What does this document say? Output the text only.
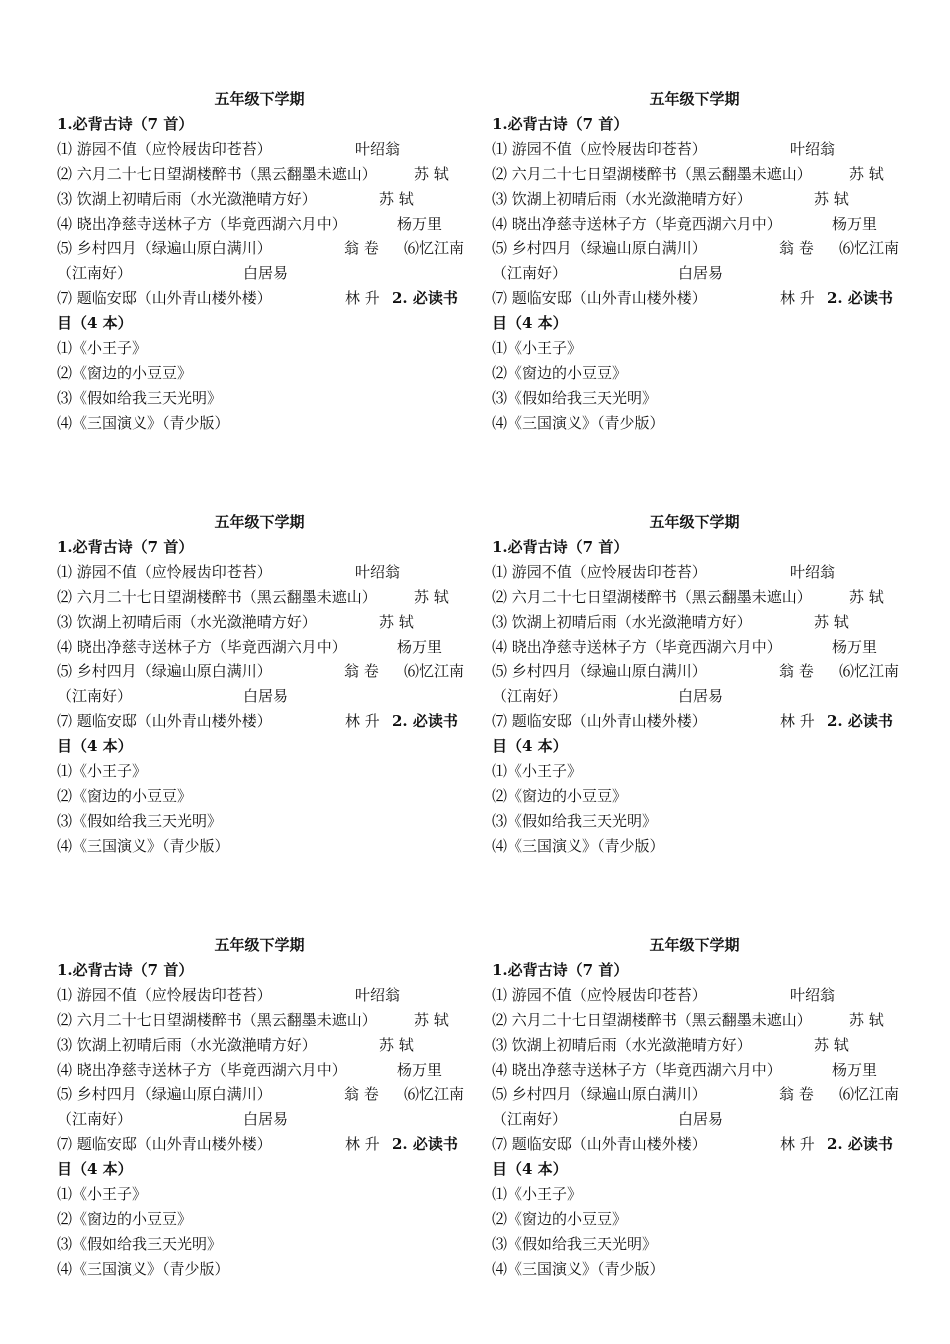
五年级下学期
1.必背古诗（7 首）
⑴ 游园不值（应怜屐齿印苍苔）	叶绍翁
⑵ 六月二十七日望湖楼醉书（黑云翻墨未遮山） 苏 轼
⑶ 饮湖上初晴后雨（水光潋滟晴方好）	苏 轼
⑷ 晓出净慈寺送林子方（毕竟西湖六月中）	杨万里
⑸ 乡村四月（绿遍山原白满川）	翁 卷 ⑹忆江南
（江南好）	白居易
⑺ 题临安邸（山外青山楼外楼）	林 升 2. 必读书
目（4 本）
⑴《小王子》
⑵《窗边的小豆豆》
⑶《假如给我三天光明》
⑷《三国演义》（青少版）
五年级下学期
1.必背古诗（7 首）
⑴ 游园不值（应怜屐齿印苍苔）	叶绍翁
⑵ 六月二十七日望湖楼醉书（黑云翻墨未遮山） 苏 轼
⑶ 饮湖上初晴后雨（水光潋滟晴方好）	苏 轼
⑷ 晓出净慈寺送林子方（毕竟西湖六月中）	杨万里
⑸ 乡村四月（绿遍山原白满川）	翁 卷 ⑹忆江南
（江南好）	白居易
⑺ 题临安邸（山外青山楼外楼）	林 升 2. 必读书
目（4 本）
⑴《小王子》
⑵《窗边的小豆豆》
⑶《假如给我三天光明》
⑷《三国演义》（青少版）
五年级下学期
1.必背古诗（7 首）
⑴ 游园不值（应怜屐齿印苍苔）	叶绍翁
⑵ 六月二十七日望湖楼醉书（黑云翻墨未遮山） 苏 轼
⑶ 饮湖上初晴后雨（水光潋滟晴方好）	苏 轼
⑷ 晓出净慈寺送林子方（毕竟西湖六月中）	杨万里
⑸ 乡村四月（绿遍山原白满川）	翁 卷 ⑹忆江南
（江南好）	白居易
⑺ 题临安邸（山外青山楼外楼）	林 升 2. 必读书
目（4 本）
⑴《小王子》
⑵《窗边的小豆豆》
⑶《假如给我三天光明》
⑷《三国演义》（青少版）
五年级下学期
1.必背古诗（7 首）
⑴ 游园不值（应怜屐齿印苍苔）	叶绍翁
⑵ 六月二十七日望湖楼醉书（黑云翻墨未遮山） 苏 轼
⑶ 饮湖上初晴后雨（水光潋滟晴方好）	苏 轼
⑷ 晓出净慈寺送林子方（毕竟西湖六月中）	杨万里
⑸ 乡村四月（绿遍山原白满川）	翁 卷 ⑹忆江南
（江南好）	白居易
⑺ 题临安邸（山外青山楼外楼）	林 升 2. 必读书
目（4 本）
⑴《小王子》
⑵《窗边的小豆豆》
⑶《假如给我三天光明》
⑷《三国演义》（青少版）
五年级下学期
1.必背古诗（7 首）
⑴ 游园不值（应怜屐齿印苍苔）	叶绍翁
⑵ 六月二十七日望湖楼醉书（黑云翻墨未遮山） 苏 轼
⑶ 饮湖上初晴后雨（水光潋滟晴方好）	苏 轼
⑷ 晓出净慈寺送林子方（毕竟西湖六月中）	杨万里
⑸ 乡村四月（绿遍山原白满川）	翁 卷 ⑹忆江南
（江南好）	白居易
⑺ 题临安邸（山外青山楼外楼）	林 升 2. 必读书
目（4 本）
⑴《小王子》
⑵《窗边的小豆豆》
⑶《假如给我三天光明》
⑷《三国演义》（青少版）
五年级下学期
1.必背古诗（7 首）
⑴ 游园不值（应怜屐齿印苍苔）	叶绍翁
⑵ 六月二十七日望湖楼醉书（黑云翻墨未遮山） 苏 轼
⑶ 饮湖上初晴后雨（水光潋滟晴方好）	苏 轼
⑷ 晓出净慈寺送林子方（毕竟西湖六月中）	杨万里
⑸ 乡村四月（绿遍山原白满川）	翁 卷 ⑹忆江南
（江南好）	白居易
⑺ 题临安邸（山外青山楼外楼）	林 升 2. 必读书
目（4 本）
⑴《小王子》
⑵《窗边的小豆豆》
⑶《假如给我三天光明》
⑷《三国演义》（青少版）
